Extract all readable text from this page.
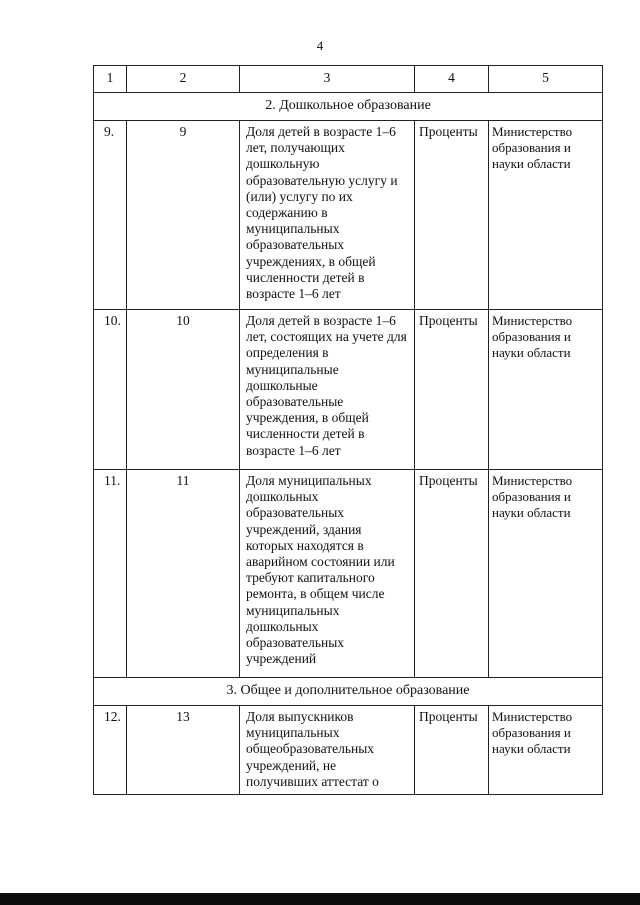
4
1	2	3	4	5
2. Дошкольное образование				
9.	9	Доля детей в возрасте 1–6 лет, получающих дошкольную образовательную услугу и (или) услугу по их содержанию в муниципальных образовательных учреждениях, в общей численности детей в возрасте 1–6 лет	Проценты	Министерство образования и науки области
10.	10	Доля детей в возрасте 1–6 лет, состоящих на учете для определения в муниципальные дошкольные образовательные учреждения, в общей численности детей в возрасте 1–6 лет	Проценты	Министерство образования и науки области
11.	11	Доля муниципальных дошкольных образовательных учреждений, здания которых находятся в аварийном состоянии или требуют капитального ремонта, в общем числе муниципальных дошкольных образовательных учреждений	Проценты	Министерство образования и науки области
3. Общее и дополнительное образование				
12.	13	Доля выпускников муниципальных общеобразовательных учреждений, не получивших аттестат о	Проценты	Министерство образования и науки области
